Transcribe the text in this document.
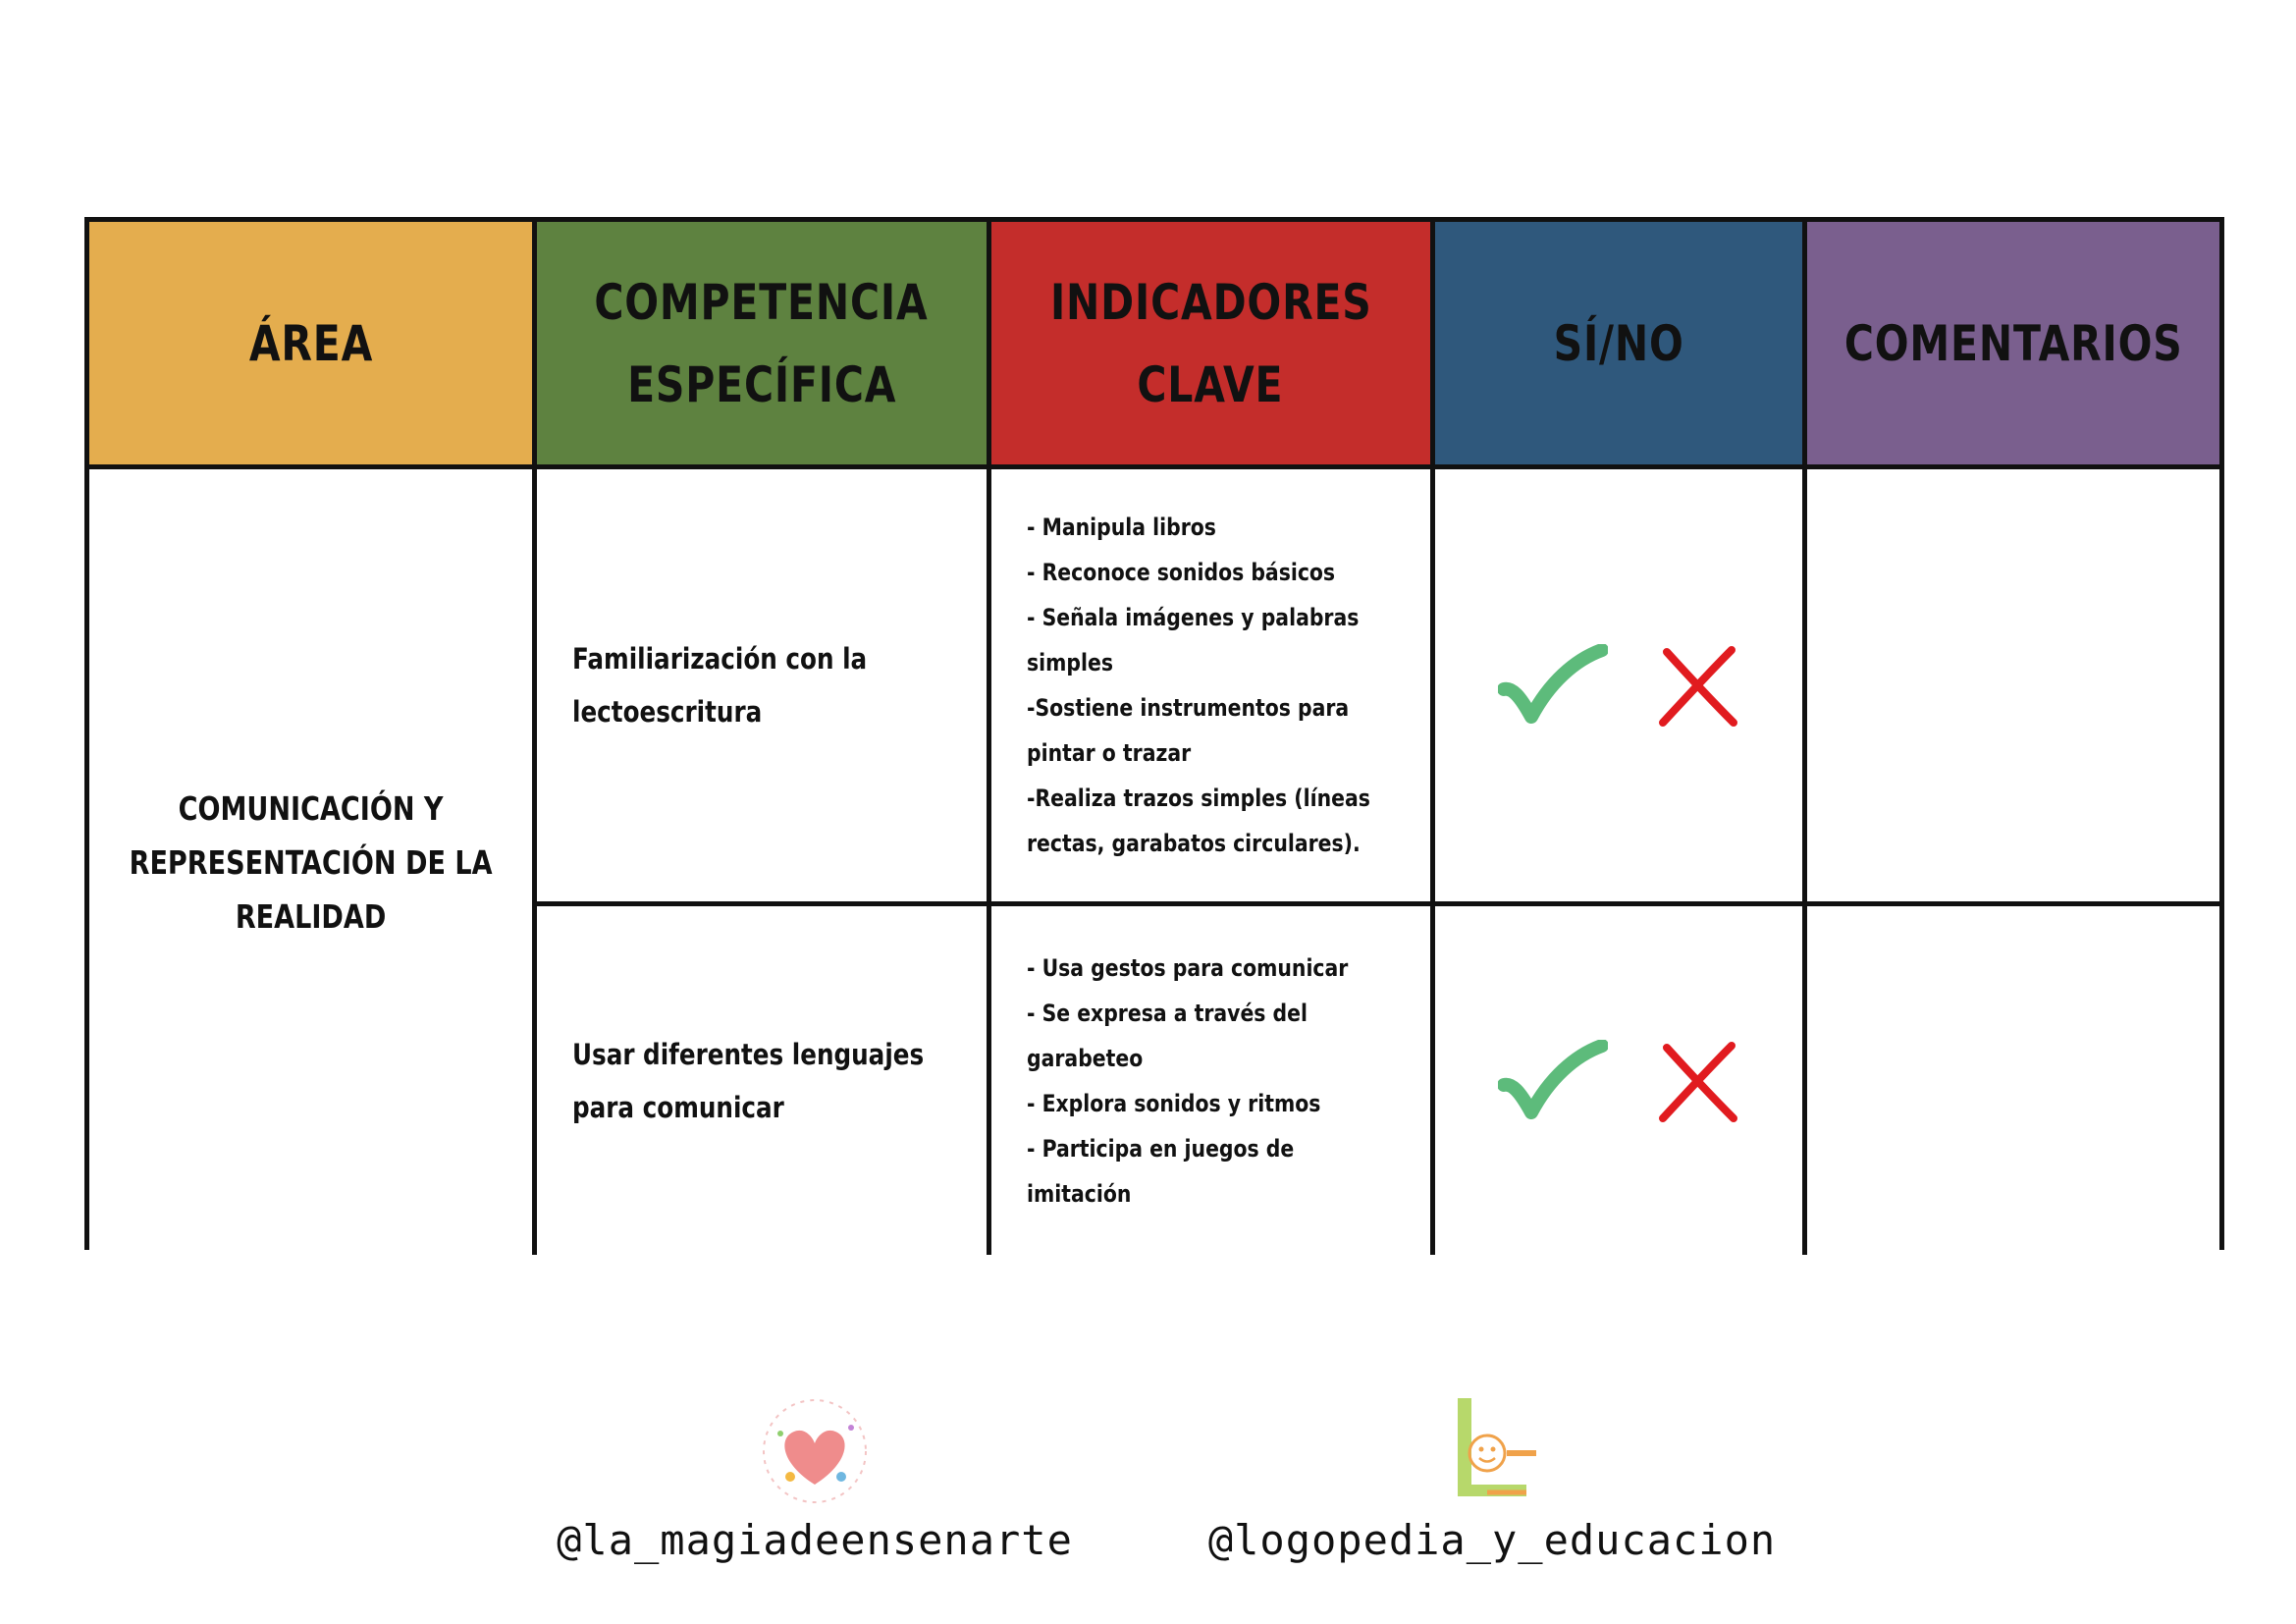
ÁREA
COMPETENCIA
ESPECÍFICA
INDICADORES
CLAVE
SÍ/NO	COMENTARIOS
COMUNICACIÓN Y
REPRESENTACIÓN DE LA
REALIDAD
Familiarización con la
lectoescritura
- Manipula libros
- Reconoce sonidos básicos
- Señala imágenes y palabras
simples
-Sostiene instrumentos para
pintar o trazar
-Realiza trazos simples (líneas
rectas, garabatos circulares).
Usar diferentes lenguajes
para comunicar
- Usa gestos para comunicar
- Se expresa a través del
garabeteo
- Explora sonidos y ritmos
- Participa en juegos de
imitación
@la_magiadeensenarte	@logopedia_y_educacion
